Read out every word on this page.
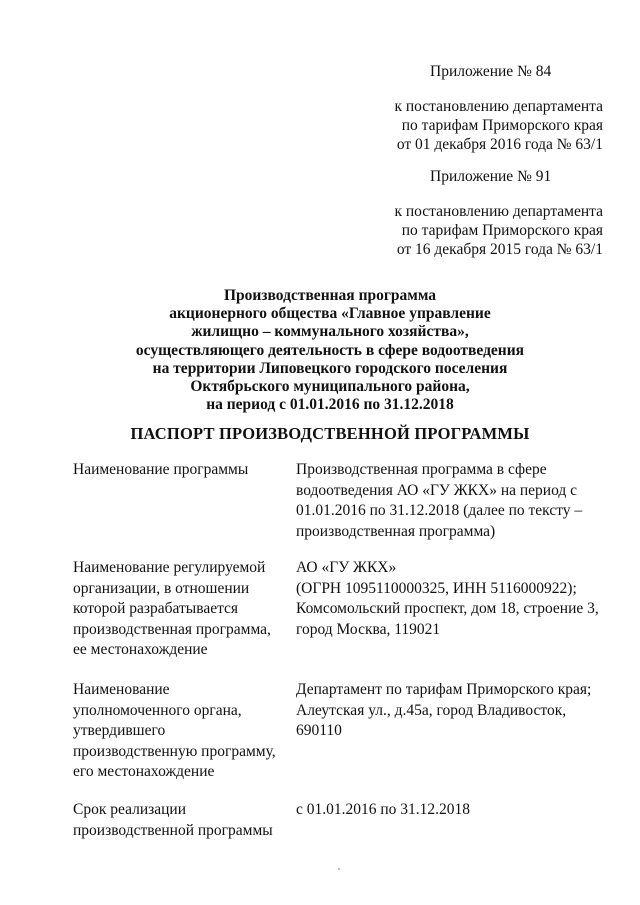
Приложение № 84
к постановлению департамента
по тарифам Приморского края
от 01 декабря 2016 года № 63/1
Приложение № 91
к постановлению департамента
по тарифам Приморского края
от 16 декабря 2015 года № 63/1
Производственная программа
акционерного общества «Главное управление
жилищно – коммунального хозяйства»,
осуществляющего деятельность в сфере водоотведения
на территории Липовецкого городского поселения
Октябрьского муниципального района,
на период с 01.01.2016 по 31.12.2018
ПАСПОРТ ПРОИЗВОДСТВЕННОЙ ПРОГРАММЫ
Наименование программы	Производственная программа в сфере
водоотведения АО «ГУ ЖКХ» на период с
01.01.2016 по 31.12.2018 (далее по тексту –
производственная программа)
Наименование регулируемой
организации, в отношении
которой разрабатывается
производственная программа,
ее местонахождение
АО «ГУ ЖКХ»
(ОГРН 1095110000325, ИНН 5116000922);
Комсомольский проспект, дом 18, строение 3,
город Москва, 119021
Наименование
уполномоченного органа,
утвердившего
производственную программу,
его местонахождение
Департамент по тарифам Приморского края;
Алеутская ул., д.45а, город Владивосток,
690110
Срок реализации
производственной программы
с 01.01.2016 по 31.12.2018
